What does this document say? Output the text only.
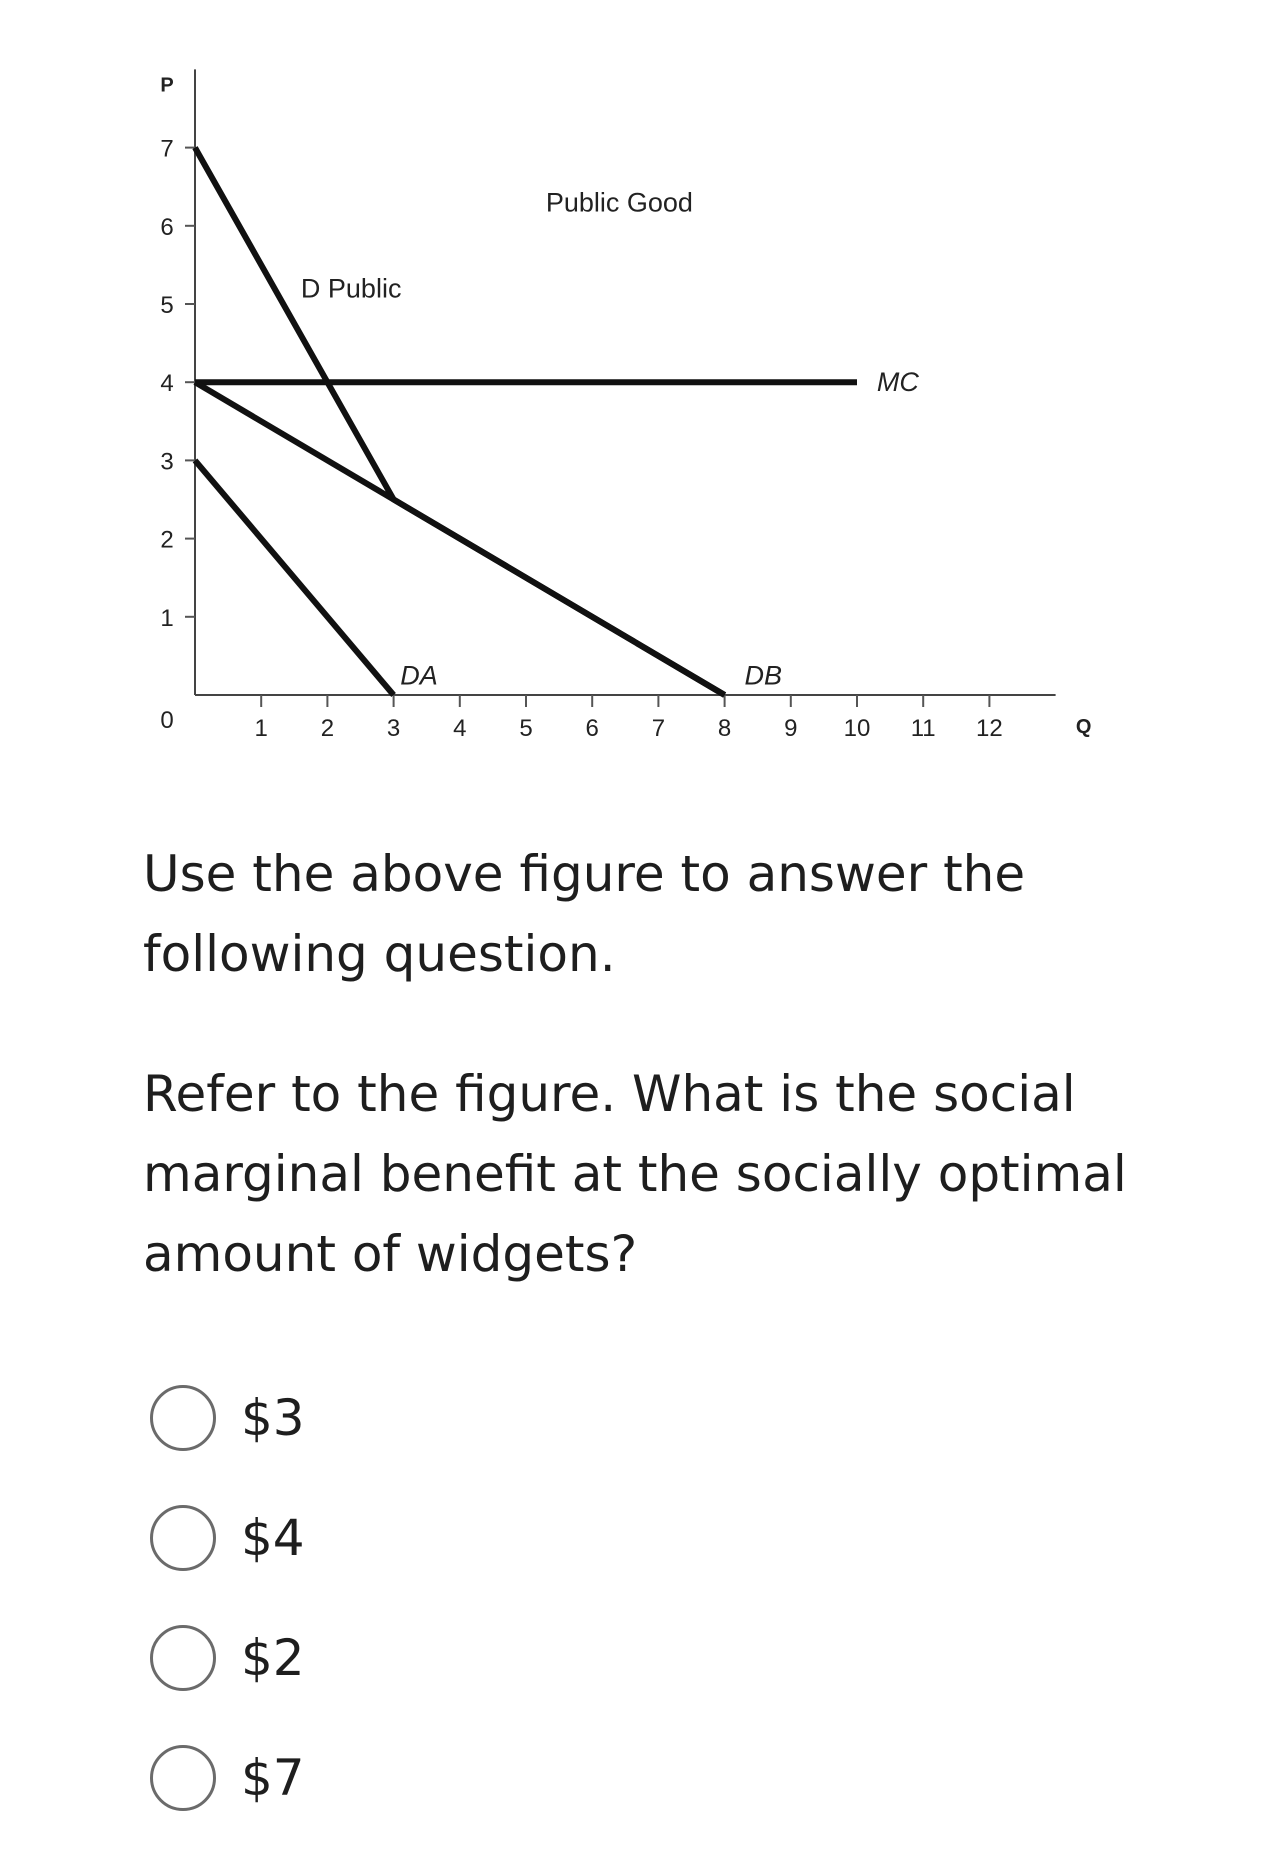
1
2
3
4
5
6
7
1 2 3 4 5 6 7 8 9 10 11 12
0
P
Q
D Public
MC
DA	DB
Public Good

Use the above figure to answer the following question.

Refer to the figure. What is the social marginal benefit at the socially optimal amount of widgets?

$3
$4
$2
$7
